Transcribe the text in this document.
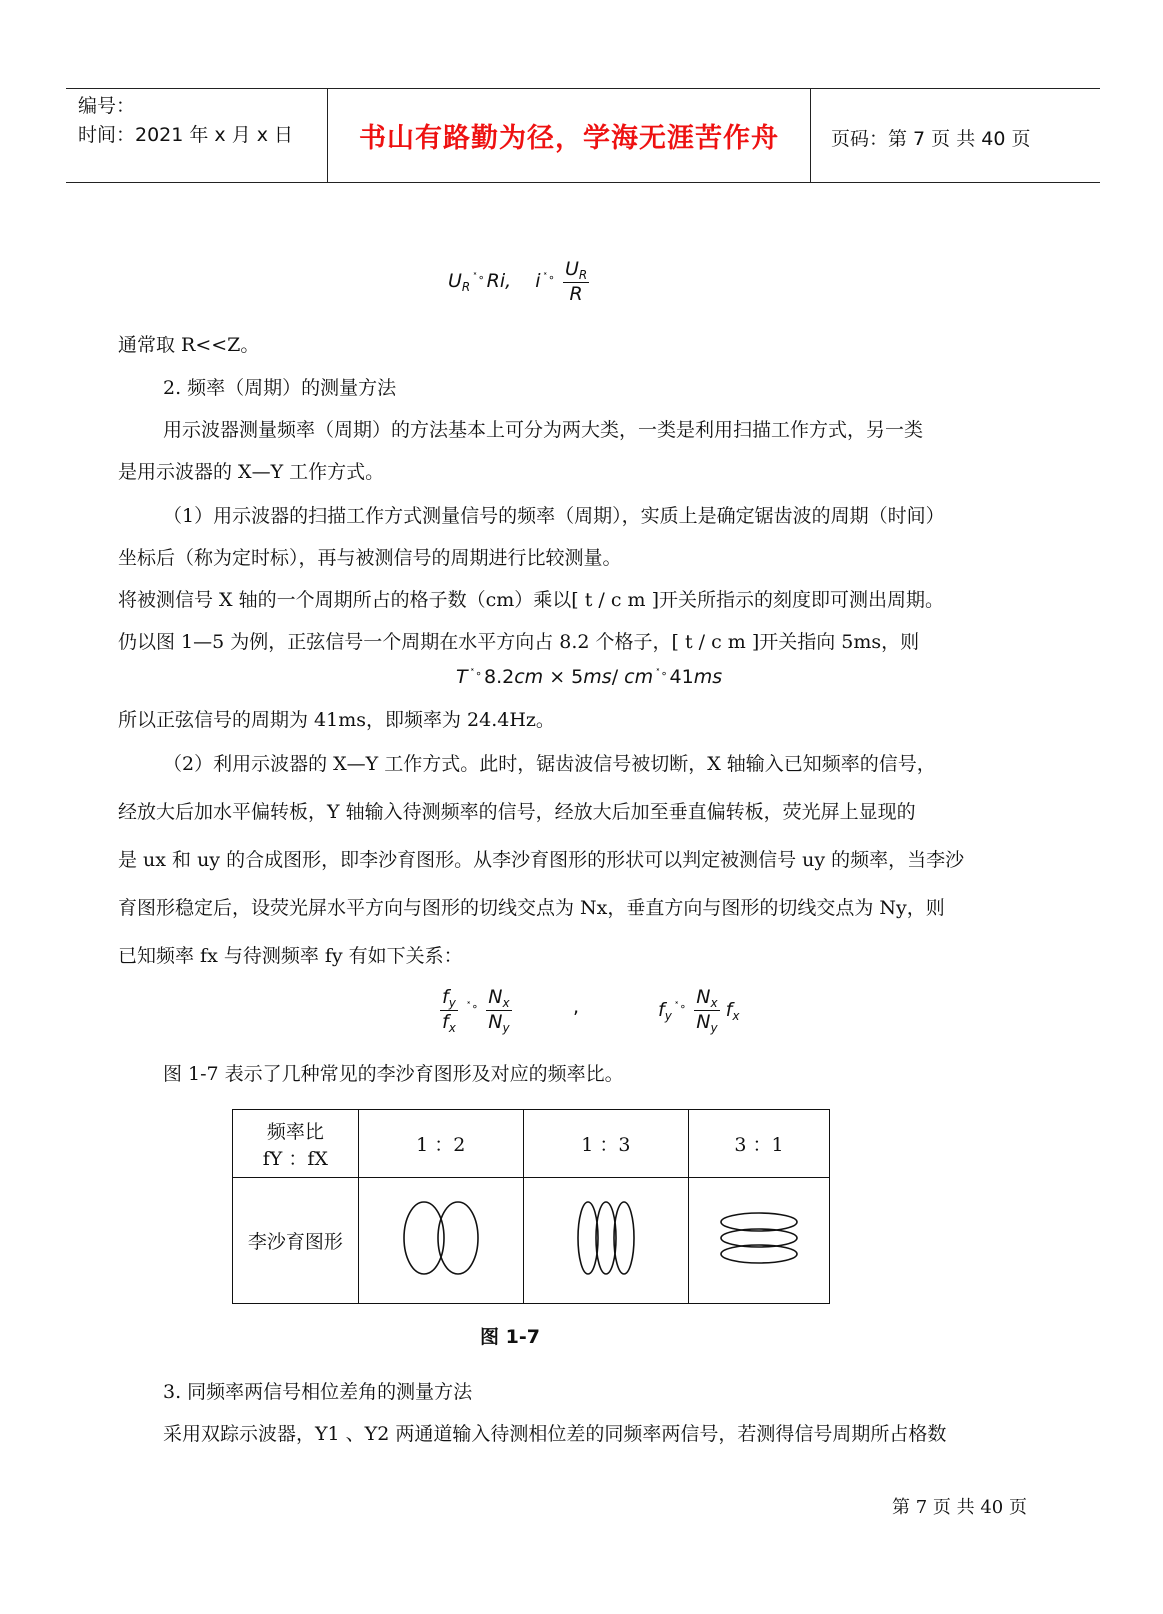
编号：
时间：2021 年 x 月 x 日	书山有路勤为径，学海无涯苦作舟	页码：第 7 页 共 40 页
$U_R^{˟\circ}$ Ri, i $^{˟\circ} \frac{U_R}{R}$
通常取 R<<Z。
2. 频率（周期）的测量方法
用示波器测量频率（周期）的方法基本上可分为两大类，一类是利用扫描工作方式，另一类
是用示波器的 X—Y 工作方式。
（1）用示波器的扫描工作方式测量信号的频率（周期），实质上是确定锯齿波的周期（时间）
坐标后（称为定时标），再与被测信号的周期进行比较测量。
将被测信号 X 轴的一个周期所占的格子数（cm）乘以[ t / c m ]开关所指示的刻度即可测出周期。
仍以图 1—5 为例，正弦信号一个周期在水平方向占 8.2 个格子，[ t / c m ]开关指向 5ms，则
T ˟∘ 8.2cm × 5ms/ cm ˟∘ 41ms
所以正弦信号的周期为 41ms，即频率为 24.4Hz。
（2）利用示波器的 X—Y 工作方式。此时，锯齿波信号被切断，X 轴输入已知频率的信号，
经放大后加水平偏转板，Y 轴输入待测频率的信号，经放大后加至垂直偏转板，荧光屏上显现的
是 ux 和 uy 的合成图形，即李沙育图形。从李沙育图形的形状可以判定被测信号 uy 的频率，当李沙
育图形稳定后，设荧光屏水平方向与图形的切线交点为 Nx，垂直方向与图形的切线交点为 Ny，则
已知频率 fx 与待测频率 fy 有如下关系：
$\frac{f_y}{f_x} ^{˟\circ} \frac{N_x}{N_y}$	,	$f_y^{˟\circ} \frac{N_x}{N_y} f_x$
图 1-7 表示了几种常见的李沙育图形及对应的频率比。
频率比
fY ：fX	1 ：2	1 ：3	3 ：1
李沙育图形			
图 1-7
3. 同频率两信号相位差角的测量方法
采用双踪示波器，Y1 、Y2 两通道输入待测相位差的同频率两信号，若测得信号周期所占格数
第 7 页 共 40 页
